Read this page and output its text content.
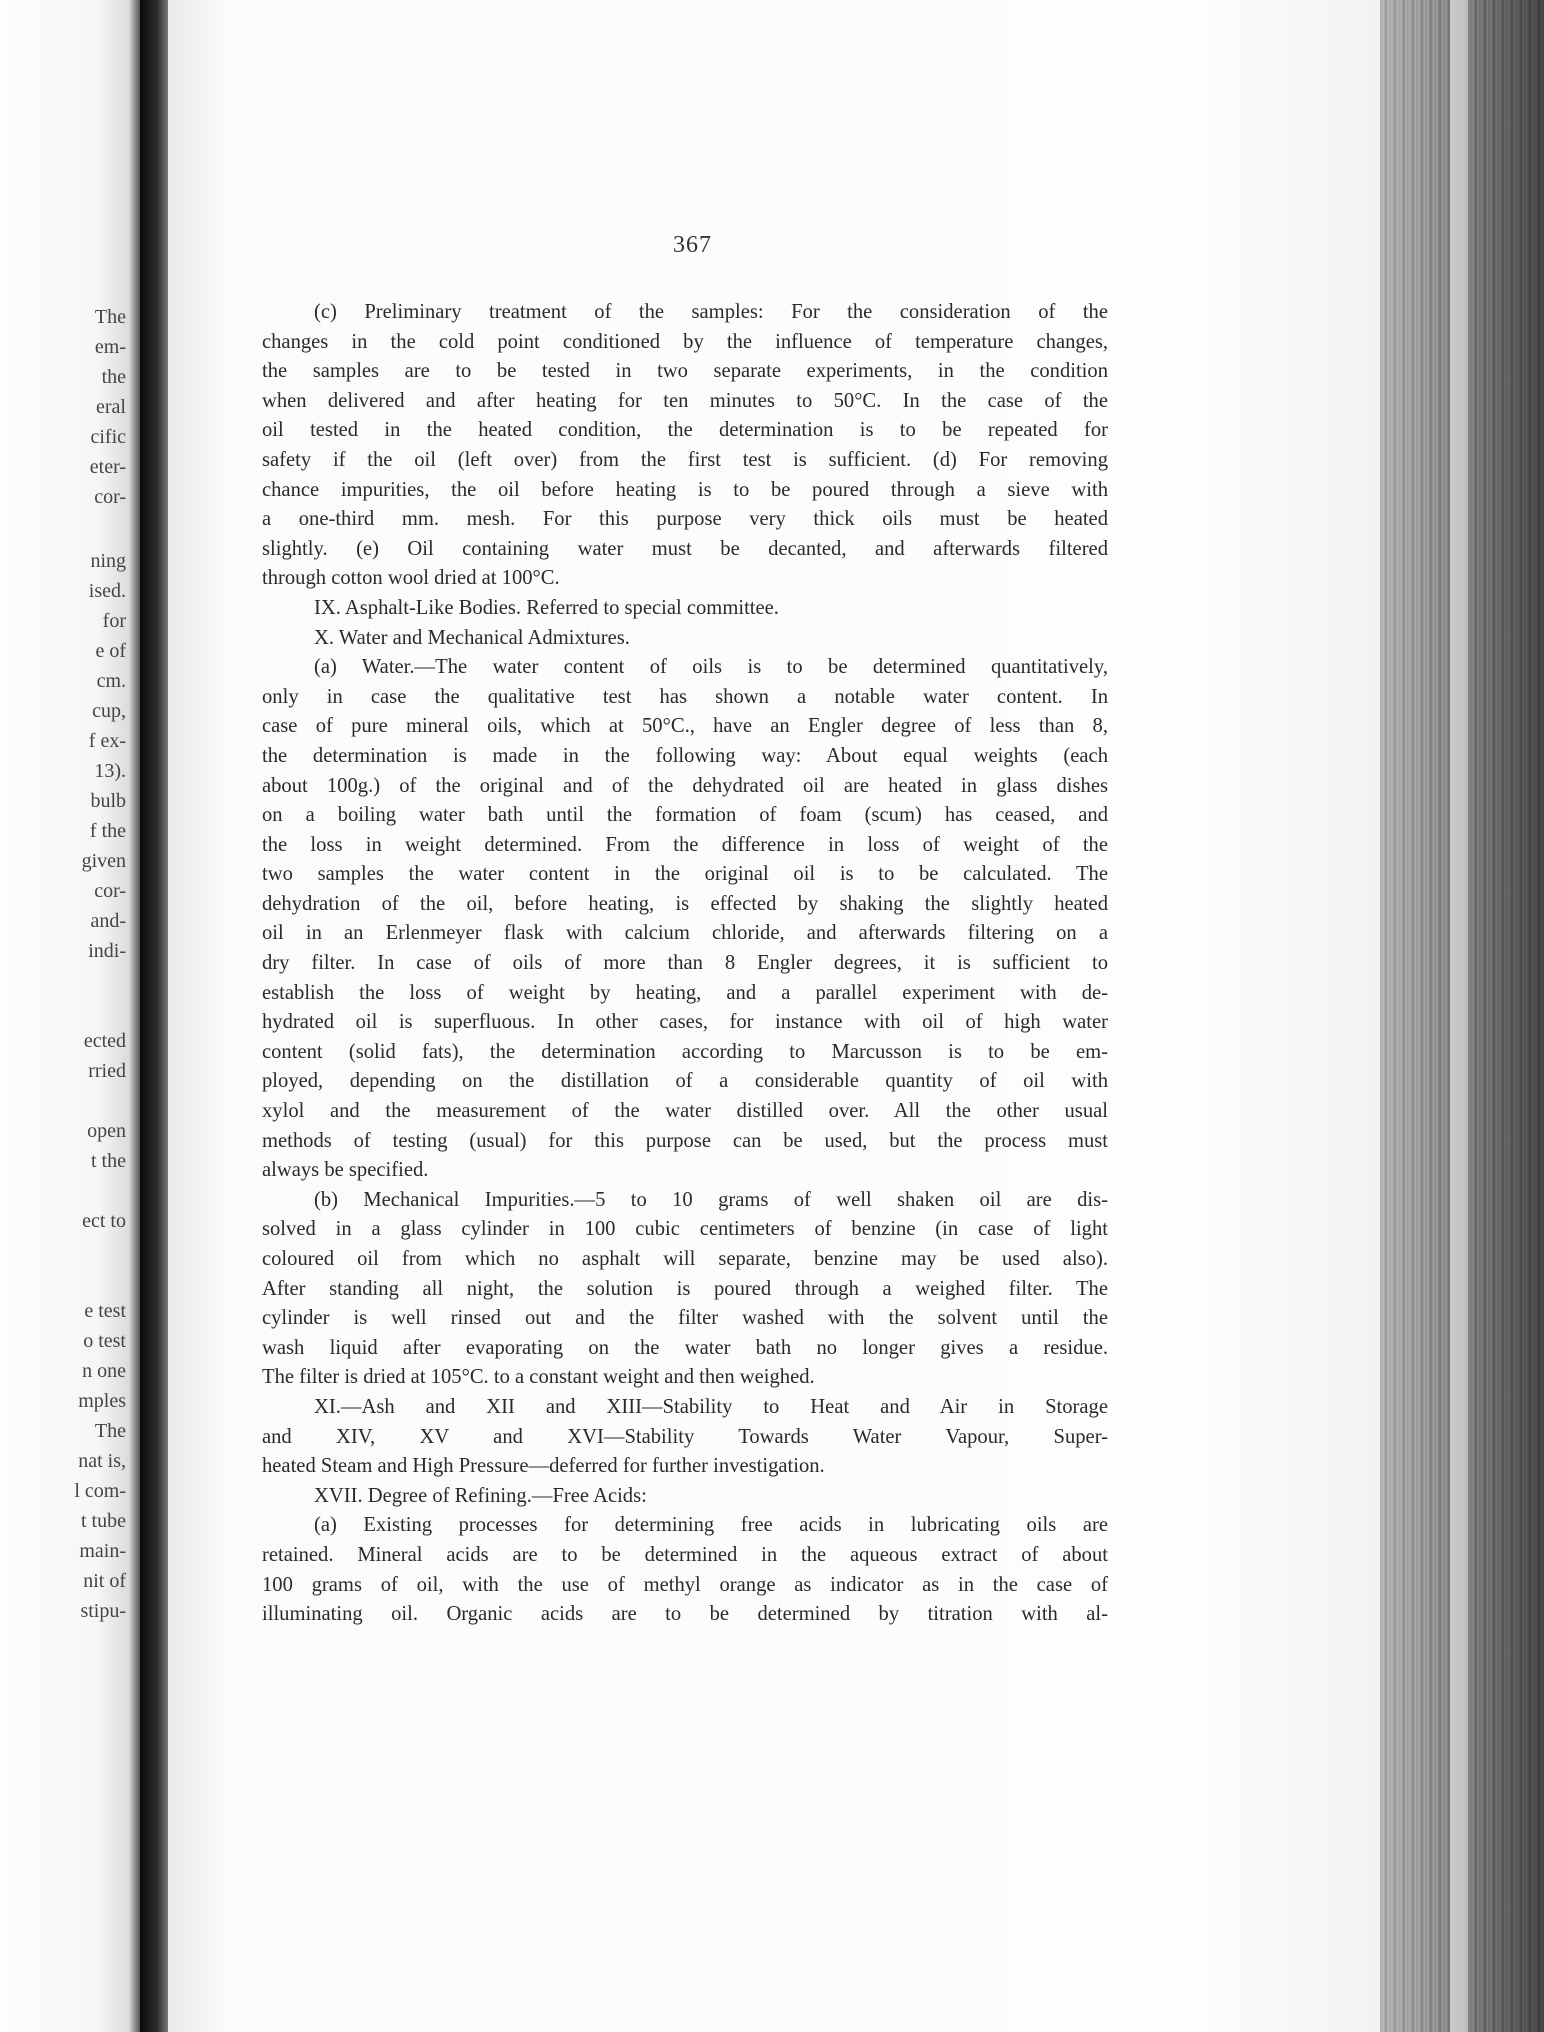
The
em-
the
eral
cific
eter-
cor-
ning
ised.
for
e of
cm.
cup,
f ex-
13).
bulb
f the
given
cor-
and-
indi-
ected
rried
open
t the
ect to
e test
o test
n one
mples
The
nat is,
l com-
t tube
main-
nit of
stipu-
367

(c) Preliminary treatment of the samples: For the consideration of the

changes in the cold point conditioned by the influence of temperature changes,

the samples are to be tested in two separate experiments, in the condition

when delivered and after heating for ten minutes to 50°C. In the case of the

oil tested in the heated condition, the determination is to be repeated for

safety if the oil (left over) from the first test is sufficient. (d) For removing

chance impurities, the oil before heating is to be poured through a sieve with

a one-third mm. mesh. For this purpose very thick oils must be heated

slightly. (e) Oil containing water must be decanted, and afterwards filtered

through cotton wool dried at 100°C.

IX. Asphalt-Like Bodies. Referred to special committee.

X. Water and Mechanical Admixtures.

(a) Water.—The water content of oils is to be determined quantitatively,

only in case the qualitative test has shown a notable water content. In

case of pure mineral oils, which at 50°C., have an Engler degree of less than 8,

the determination is made in the following way: About equal weights (each

about 100g.) of the original and of the dehydrated oil are heated in glass dishes

on a boiling water bath until the formation of foam (scum) has ceased, and

the loss in weight determined. From the difference in loss of weight of the

two samples the water content in the original oil is to be calculated. The

dehydration of the oil, before heating, is effected by shaking the slightly heated

oil in an Erlenmeyer flask with calcium chloride, and afterwards filtering on a

dry filter. In case of oils of more than 8 Engler degrees, it is sufficient to

establish the loss of weight by heating, and a parallel experiment with de-

hydrated oil is superfluous. In other cases, for instance with oil of high water

content (solid fats), the determination according to Marcusson is to be em-

ployed, depending on the distillation of a considerable quantity of oil with

xylol and the measurement of the water distilled over. All the other usual

methods of testing (usual) for this purpose can be used, but the process must

always be specified.

(b) Mechanical Impurities.—5 to 10 grams of well shaken oil are dis-

solved in a glass cylinder in 100 cubic centimeters of benzine (in case of light

coloured oil from which no asphalt will separate, benzine may be used also).

After standing all night, the solution is poured through a weighed filter. The

cylinder is well rinsed out and the filter washed with the solvent until the

wash liquid after evaporating on the water bath no longer gives a residue.

The filter is dried at 105°C. to a constant weight and then weighed.

XI.—Ash and XII and XIII—Stability to Heat and Air in Storage

and XIV, XV and XVI—Stability Towards Water Vapour, Super-

heated Steam and High Pressure—deferred for further investigation.

XVII. Degree of Refining.—Free Acids:

(a) Existing processes for determining free acids in lubricating oils are

retained. Mineral acids are to be determined in the aqueous extract of about

100 grams of oil, with the use of methyl orange as indicator as in the case of

illuminating oil. Organic acids are to be determined by titration with al-
